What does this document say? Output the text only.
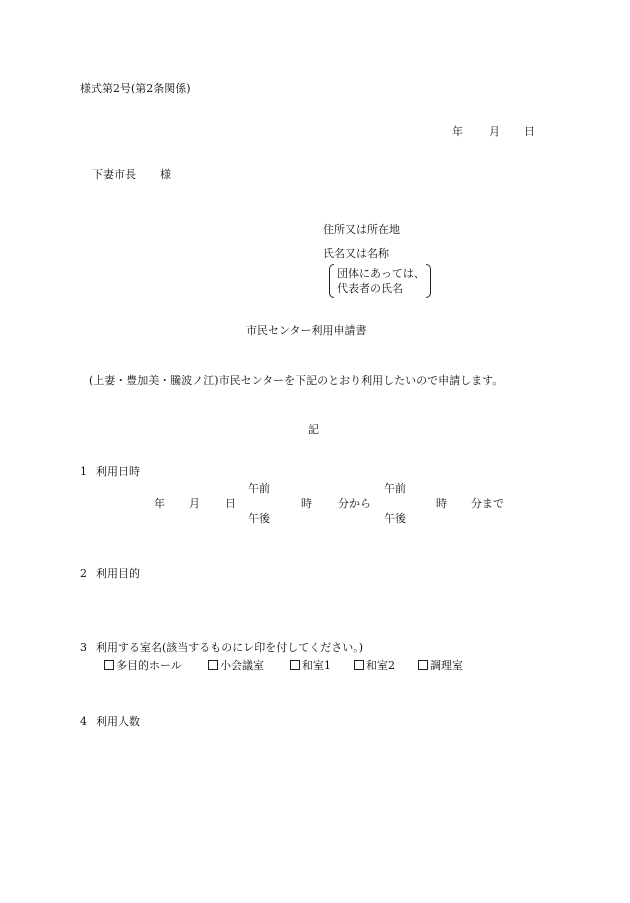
様式第2号(第2条関係)
年 月 日
下妻市長 様
住所又は所在地
氏名又は名称
団体にあっては、
代表者の氏名
市民センター利用申請書
(上妻・豊加美・騰波ノ江)市民センターを下記のとおり利用したいので申請します。
記
1 利用日時
午前
年 月 日
午後
時 分から
午前
午後
時 分まで
2 利用目的
3 利用する室名(該当するものにレ印を付してください。)
多目的ホール	小会議室	和室1	和室2	調理室
4 利用人数
